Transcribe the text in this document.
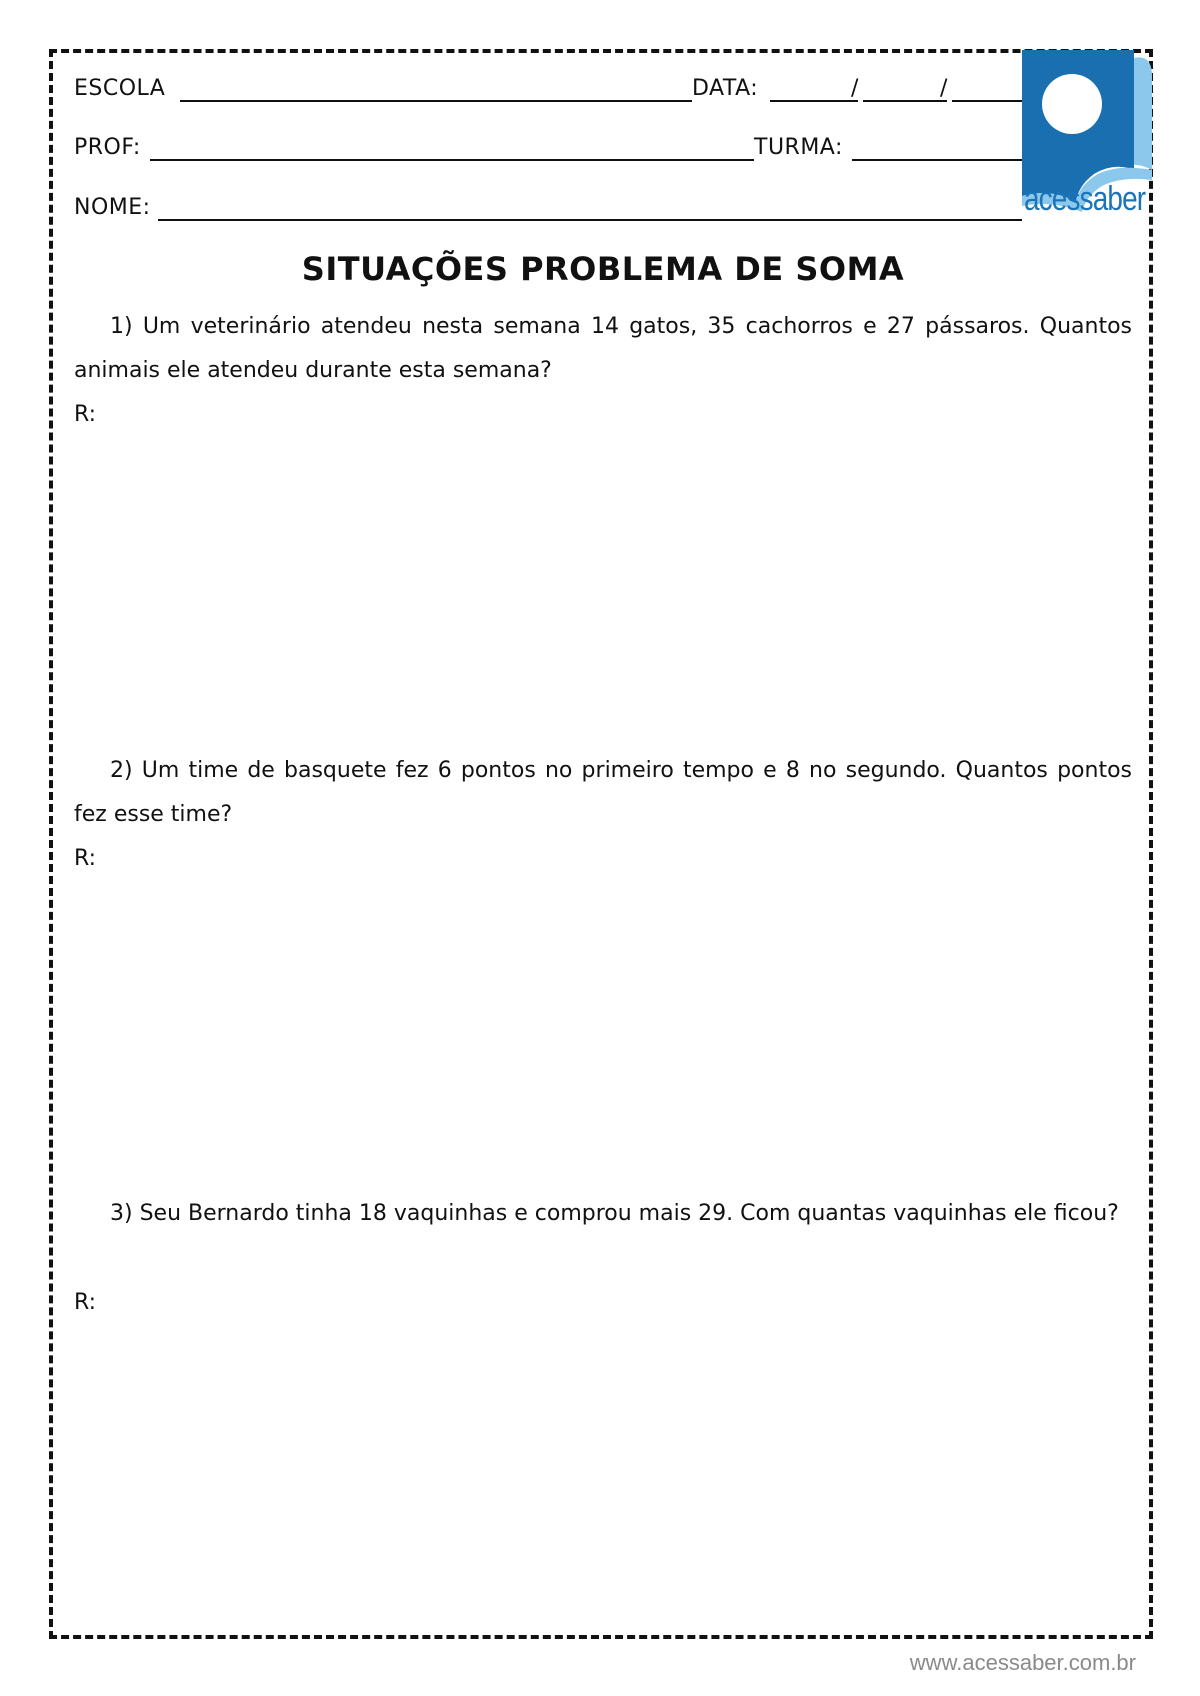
ESCOLA	DATA:	/	/
PROF:	TURMA:
NOME:	acessaber
SITUAÇÕES PROBLEMA DE SOMA
1) Um veterinário atendeu nesta semana 14 gatos, 35 cachorros e 27 pássaros. Quantos animais ele atendeu durante esta semana?
R:
2) Um time de basquete fez 6 pontos no primeiro tempo e 8 no segundo. Quantos pontos fez esse time?
R:
3) Seu Bernardo tinha 18 vaquinhas e comprou mais 29. Com quantas vaquinhas ele ficou?
R:
www.acessaber.com.br
